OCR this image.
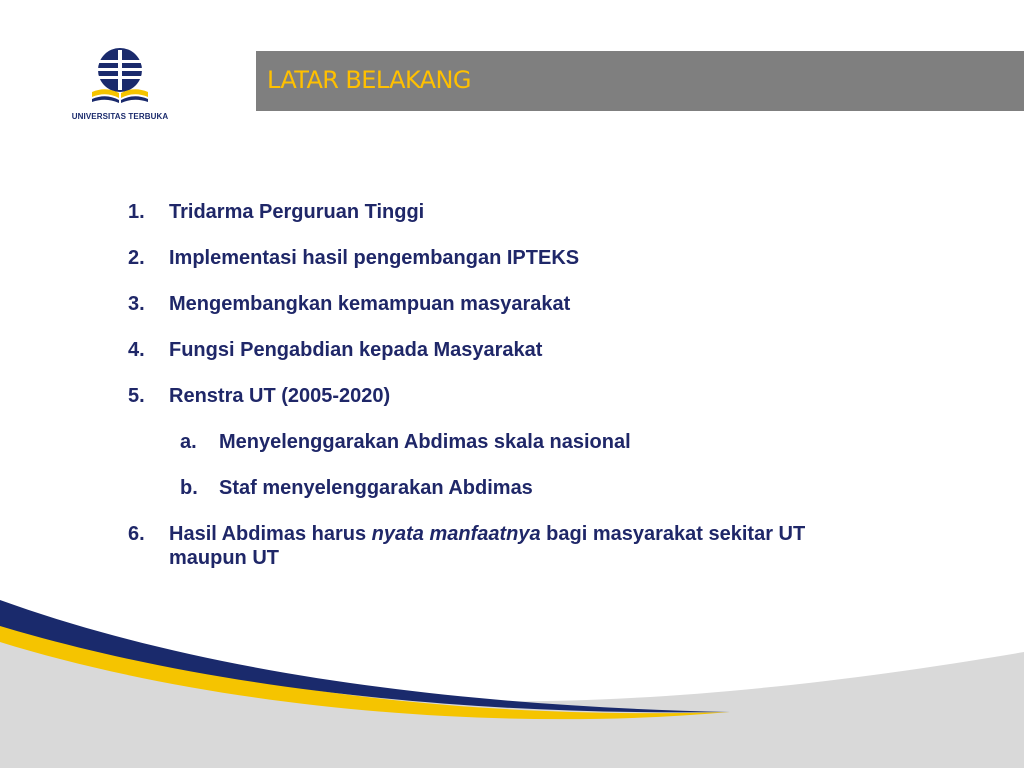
UNIVERSITAS TERBUKA
LATAR BELAKANG
1. Tridarma Perguruan Tinggi
2. Implementasi hasil pengembangan IPTEKS
3. Mengembangkan kemampuan masyarakat
4. Fungsi Pengabdian kepada Masyarakat
5. Renstra UT (2005-2020)
a. Menyelenggarakan Abdimas skala nasional
b. Staf menyelenggarakan Abdimas
6. Hasil Abdimas harus nyata manfaatnya bagi masyarakat sekitar UT maupun UT
